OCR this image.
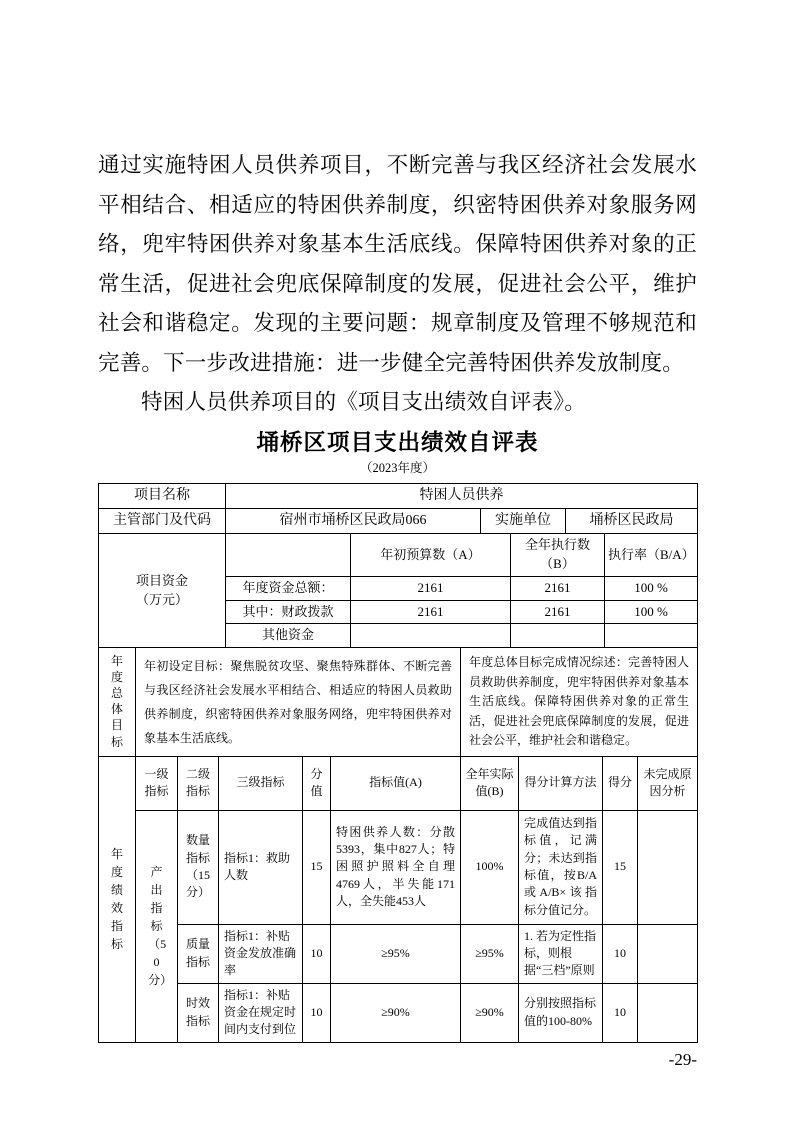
通过实施特困人员供养项目，不断完善与我区经济社会发展水平相结合、相适应的特困供养制度，织密特困供养对象服务网络，兜牢特困供养对象基本生活底线。保障特困供养对象的正常生活，促进社会兜底保障制度的发展，促进社会公平，维护社会和谐稳定。发现的主要问题：规章制度及管理不够规范和完善。下一步改进措施：进一步健全完善特困供养发放制度。
特困人员供养项目的《项目支出绩效自评表》。
埇桥区项目支出绩效自评表
（2023年度）
项目名称	特困人员供养		
主管部门及代码	宿州市埇桥区民政局066	实施单位	埇桥区民政局
项目资金（万元）		年初预算数（A）	全年执行数（B）	执行率（B/A）
	年度资金总额：	2161	2161	100 %
	其中：财政拨款	2161	2161	100 %
	其他资金			
年度总体目标	年初设定目标：聚焦脱贫攻坚、聚焦特殊群体、不断完善与我区经济社会发展水平相结合、相适应的特困人员救助供养制度，织密特困供养对象服务网络，兜牢特困供养对象基本生活底线。	年度总体目标完成情况综述：完善特困人员救助供养制度，兜牢特困供养对象基本生活底线。保障特困供养对象的正常生活，促进社会兜底保障制度的发展，促进社会公平，维护社会和谐稳定。
年度绩效指标	一级指标	二级指标	三级指标	分值	指标值(A)	全年实际值(B)	得分计算方法	得分	未完成原因分析
	产出指标（50分）	数量指标（15分）	指标1：救助人数	15	特困供养人数：分散5393，集中827人；特困照护照料全自理4769人，半失能171人，全失能453人	100%	完成值达到指标值，记满分；未达到指标值，按B/A或A/B×该指标分值记分。	15	
		质量指标	指标1：补贴资金发放准确率	10	≥95%	≥95%	1. 若为定性指标，则根据“三档”原则	10	
		时效指标	指标1：补贴资金在规定时间内支付到位	10	≥90%	≥90%	分别按照指标值的100-80%	10	
-29-
